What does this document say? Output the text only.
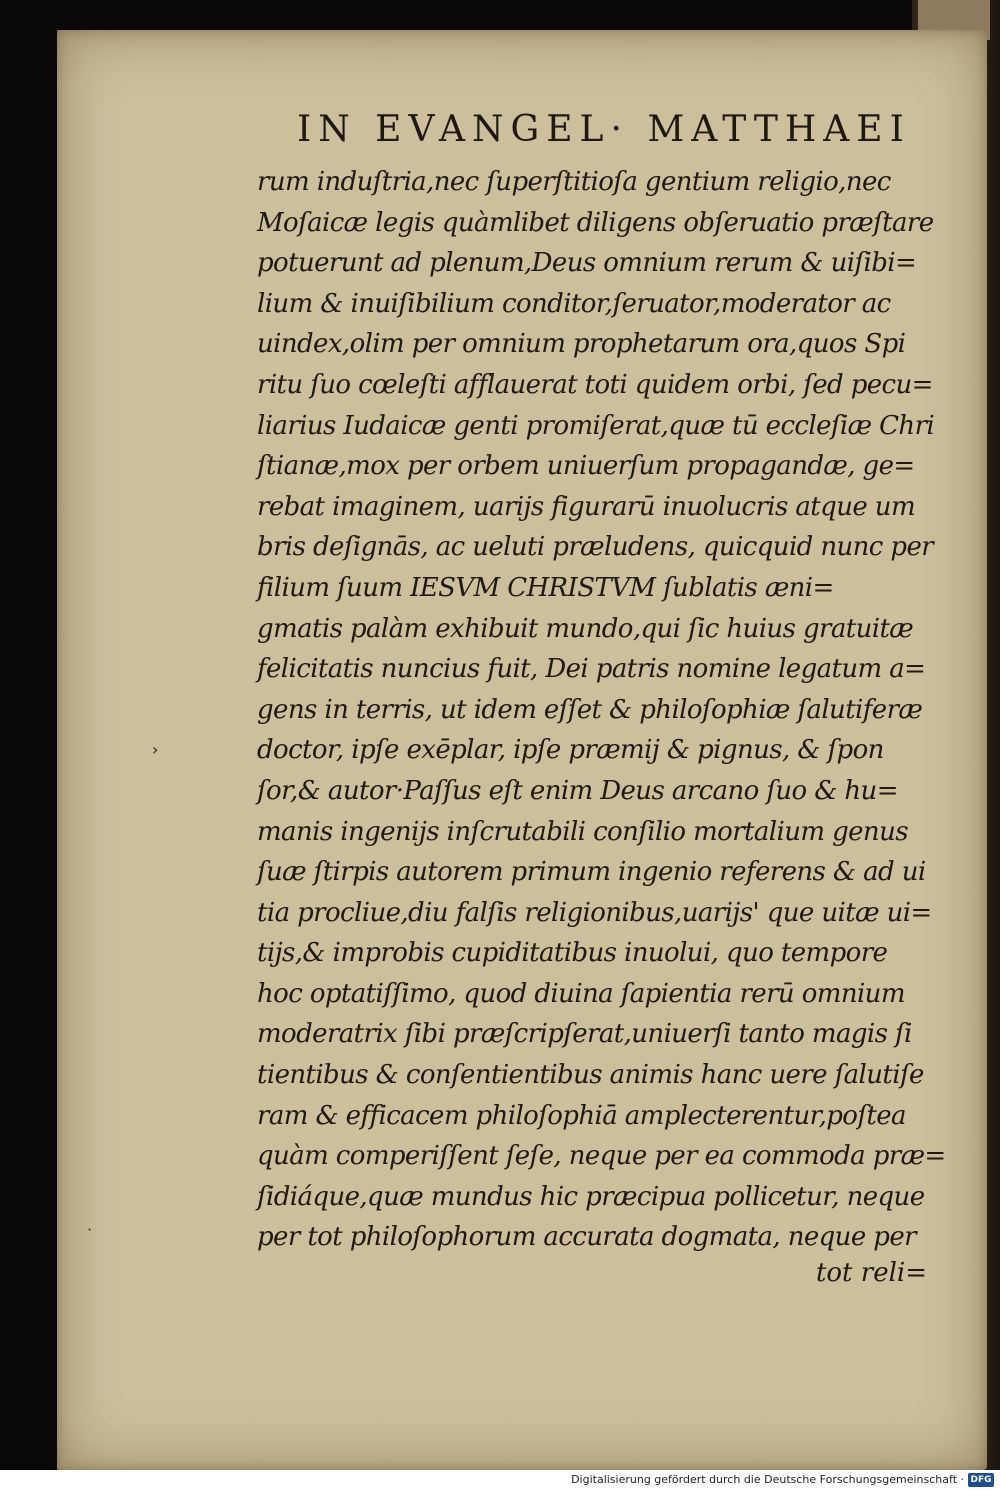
IN EVANGEL· MATTHAEI
rum induſtria,nec ſuperſtitioſa gentium religio,nec
Moſaicæ legis quàmlibet diligens obſeruatio præſtare
potuerunt ad plenum,Deus omnium rerum & uiſibi=
lium & inuiſibilium conditor,ſeruator,moderator ac
uindex,olim per omnium prophetarum ora,quos Spi
ritu ſuo cœleſti afflauerat toti quidem orbi, ſed pecu=
liarius Iudaicæ genti promiſerat,quæ tū eccleſiæ Chri
ſtianæ,mox per orbem uniuerſum propagandæ, ge=
rebat imaginem, uarijs figurarū inuolucris atque um
bris deſignās, ac ueluti præludens, quicquid nunc per
filium ſuum IESVM CHRISTVM ſublatis æni=
gmatis palàm exhibuit mundo,qui ſic huius gratuitæ
felicitatis nuncius fuit, Dei patris nomine legatum a=
gens in terris, ut idem eſſet & philoſophiæ ſalutiferæ
doctor, ipſe exēplar, ipſe præmij & pignus, & ſpon
ſor,& autor·Paſſus eſt enim Deus arcano ſuo & hu=
manis ingenijs inſcrutabili conſilio mortalium genus
ſuæ ſtirpis autorem primum ingenio referens & ad ui
tia procliue,diu falſis religionibus,uarijs' que uitæ ui=
tijs,& improbis cupiditatibus inuolui, quo tempore
hoc optatiſſimo, quod diuina ſapientia rerū omnium
moderatrix ſibi præſcripſerat,uniuerſi tanto magis ſi
tientibus & conſentientibus animis hanc uere ſalutiſe
ram & efficacem philoſophiā amplecterentur,poſtea
quàm comperiſſent ſeſe, neque per ea commoda præ=
ſidiáque,quæ mundus hic præcipua pollicetur, neque
per tot philoſophorum accurata dogmata, neque per
tot reli=
›
·
Digitalisierung gefördert durch die Deutsche Forschungsgemeinschaft · DFG
